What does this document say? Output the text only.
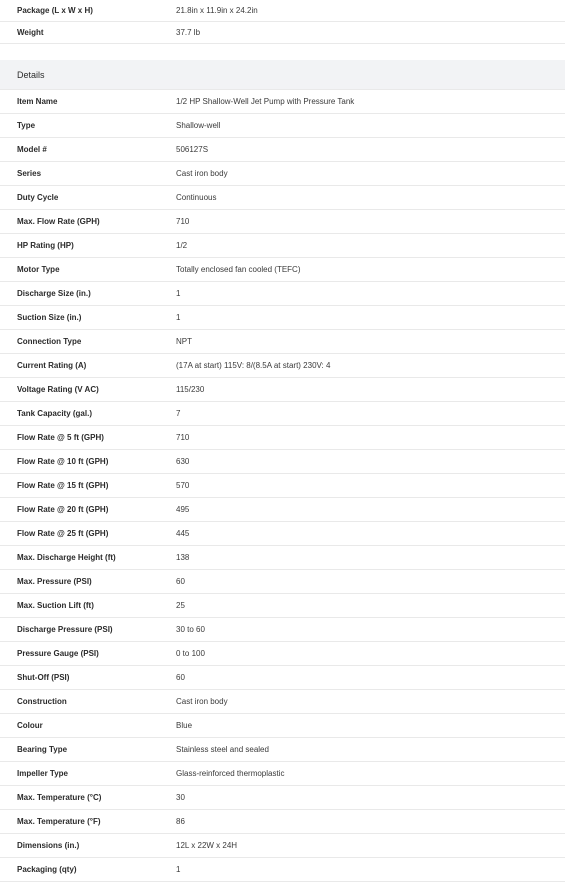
Package (L x W x H)	21.8in x 11.9in x 24.2in
Weight	37.7 lb
Details
Item Name	1/2 HP Shallow-Well Jet Pump with Pressure Tank
Type	Shallow-well
Model #	506127S
Series	Cast iron body
Duty Cycle	Continuous
Max. Flow Rate (GPH)	710
HP Rating (HP)	1/2
Motor Type	Totally enclosed fan cooled (TEFC)
Discharge Size (in.)	1
Suction Size (in.)	1
Connection Type	NPT
Current Rating (A)	(17A at start) 115V: 8/(8.5A at start) 230V: 4
Voltage Rating (V AC)	115/230
Tank Capacity (gal.)	7
Flow Rate @ 5 ft (GPH)	710
Flow Rate @ 10 ft (GPH)	630
Flow Rate @ 15 ft (GPH)	570
Flow Rate @ 20 ft (GPH)	495
Flow Rate @ 25 ft (GPH)	445
Max. Discharge Height (ft)	138
Max. Pressure (PSI)	60
Max. Suction Lift (ft)	25
Discharge Pressure (PSI)	30 to 60
Pressure Gauge (PSI)	0 to 100
Shut-Off (PSI)	60
Construction	Cast iron body
Colour	Blue
Bearing Type	Stainless steel and sealed
Impeller Type	Glass-reinforced thermoplastic
Max. Temperature (°C)	30
Max. Temperature (°F)	86
Dimensions (in.)	12L x 22W x 24H
Packaging (qty)	1
